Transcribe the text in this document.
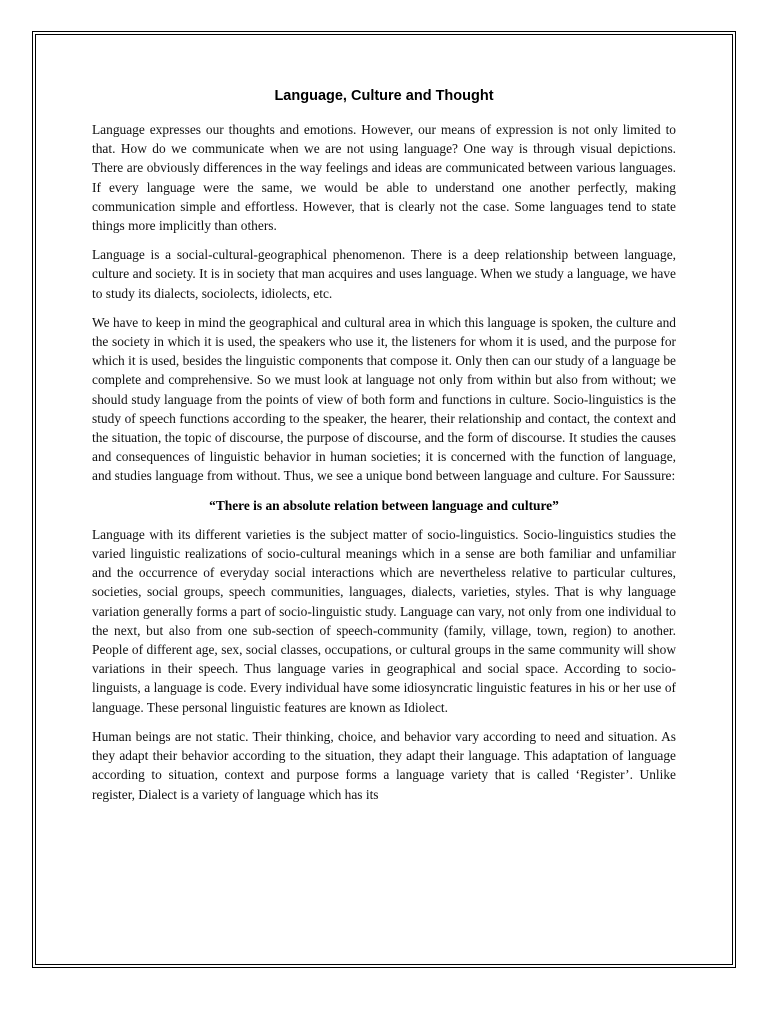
Language, Culture and Thought

Language expresses our thoughts and emotions. However, our means of expression is not only limited to that. How do we communicate when we are not using language? One way is through visual depictions. There are obviously differences in the way feelings and ideas are communicated between various languages. If every language were the same, we would be able to understand one another perfectly, making communication simple and effortless. However, that is clearly not the case. Some languages tend to state things more implicitly than others.

Language is a social-cultural-geographical phenomenon. There is a deep relationship between language, culture and society. It is in society that man acquires and uses language. When we study a language, we have to study its dialects, sociolects, idiolects, etc.

We have to keep in mind the geographical and cultural area in which this language is spoken, the culture and the society in which it is used, the speakers who use it, the listeners for whom it is used, and the purpose for which it is used, besides the linguistic components that compose it. Only then can our study of a language be complete and comprehensive. So we must look at language not only from within but also from without; we should study language from the points of view of both form and functions in culture. Socio-linguistics is the study of speech functions according to the speaker, the hearer, their relationship and contact, the context and the situation, the topic of discourse, the purpose of discourse, and the form of discourse. It studies the causes and consequences of linguistic behavior in human societies; it is concerned with the function of language, and studies language from without. Thus, we see a unique bond between language and culture. For Saussure:

“There is an absolute relation between language and culture”

Language with its different varieties is the subject matter of socio-linguistics. Socio-linguistics studies the varied linguistic realizations of socio-cultural meanings which in a sense are both familiar and unfamiliar and the occurrence of everyday social interactions which are nevertheless relative to particular cultures, societies, social groups, speech communities, languages, dialects, varieties, styles. That is why language variation generally forms a part of socio-linguistic study. Language can vary, not only from one individual to the next, but also from one sub-section of speech-community (family, village, town, region) to another. People of different age, sex, social classes, occupations, or cultural groups in the same community will show variations in their speech. Thus language varies in geographical and social space. According to socio-linguists, a language is code. Every individual have some idiosyncratic linguistic features in his or her use of language. These personal linguistic features are known as Idiolect.

Human beings are not static. Their thinking, choice, and behavior vary according to need and situation. As they adapt their behavior according to the situation, they adapt their language. This adaptation of language according to situation, context and purpose forms a language variety that is called ‘Register’. Unlike register, Dialect is a variety of language which has its
